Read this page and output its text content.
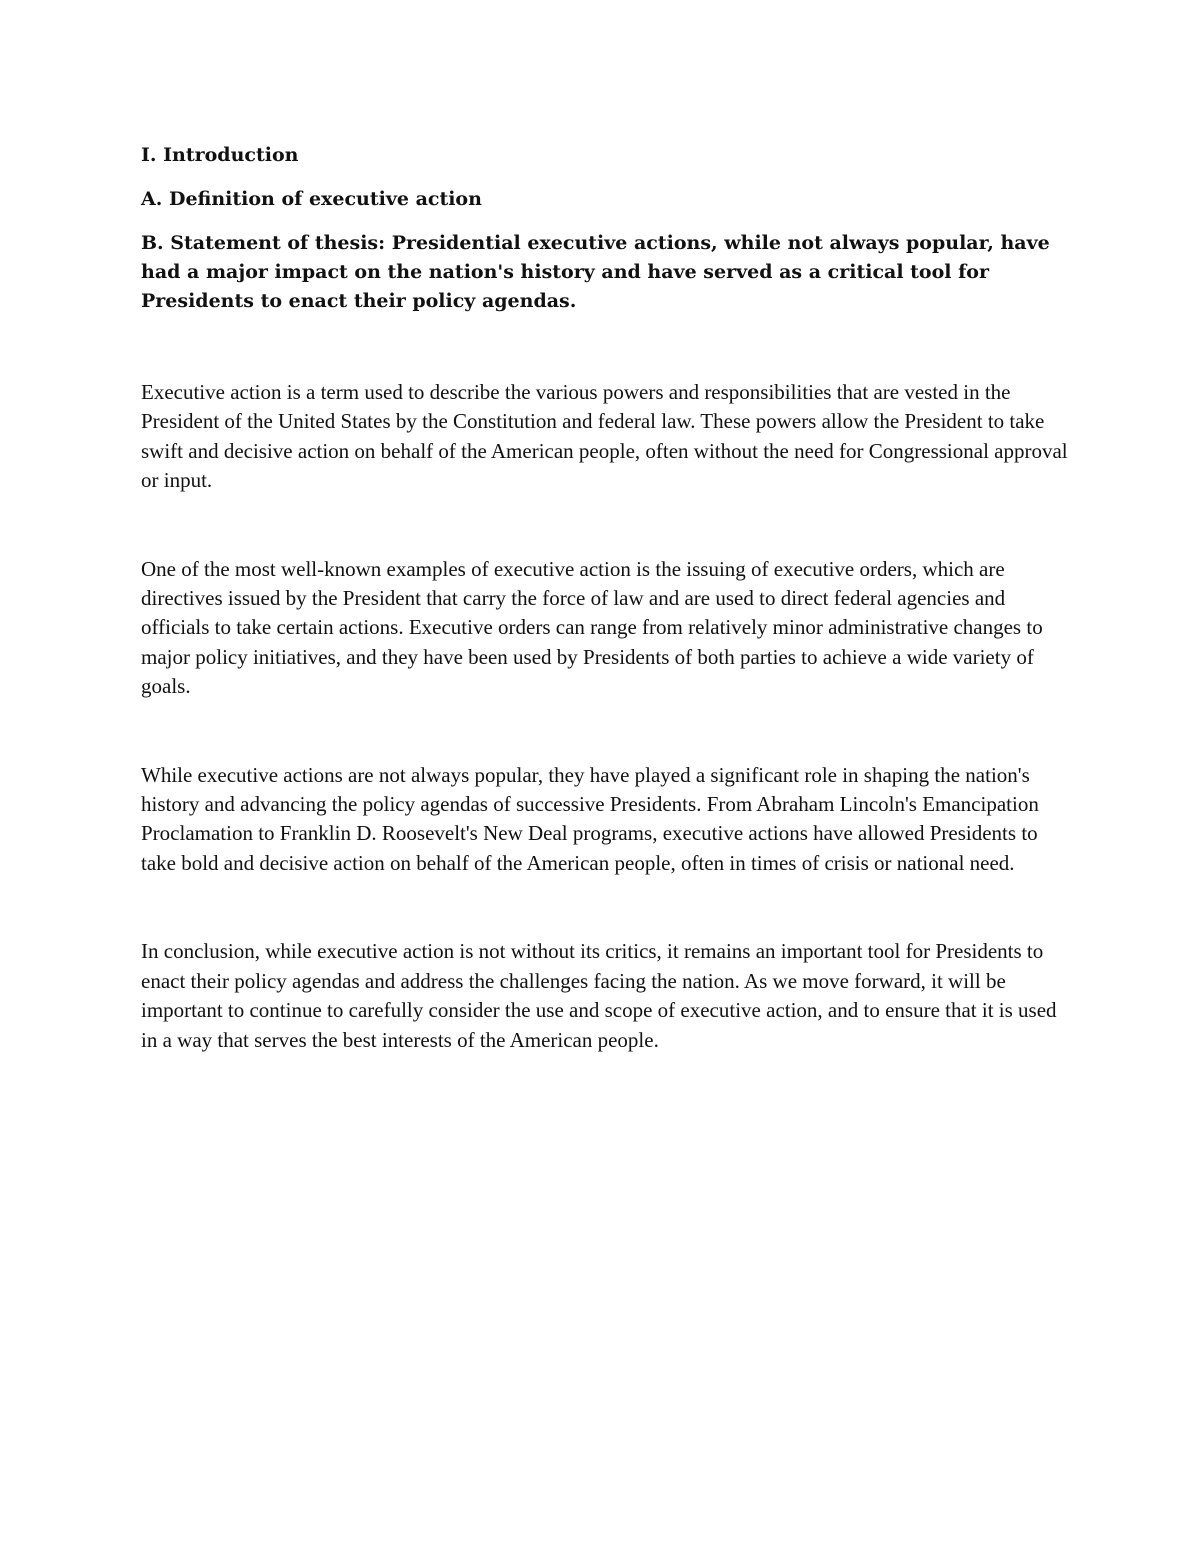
I. Introduction

A. Definition of executive action

B. Statement of thesis: Presidential executive actions, while not always popular, have had a major impact on the nation's history and have served as a critical tool for Presidents to enact their policy agendas.

Executive action is a term used to describe the various powers and responsibilities that are vested in the President of the United States by the Constitution and federal law. These powers allow the President to take swift and decisive action on behalf of the American people, often without the need for Congressional approval or input.

One of the most well-known examples of executive action is the issuing of executive orders, which are directives issued by the President that carry the force of law and are used to direct federal agencies and officials to take certain actions. Executive orders can range from relatively minor administrative changes to major policy initiatives, and they have been used by Presidents of both parties to achieve a wide variety of goals.

While executive actions are not always popular, they have played a significant role in shaping the nation's history and advancing the policy agendas of successive Presidents. From Abraham Lincoln's Emancipation Proclamation to Franklin D. Roosevelt's New Deal programs, executive actions have allowed Presidents to take bold and decisive action on behalf of the American people, often in times of crisis or national need.

In conclusion, while executive action is not without its critics, it remains an important tool for Presidents to enact their policy agendas and address the challenges facing the nation. As we move forward, it will be important to continue to carefully consider the use and scope of executive action, and to ensure that it is used in a way that serves the best interests of the American people.
